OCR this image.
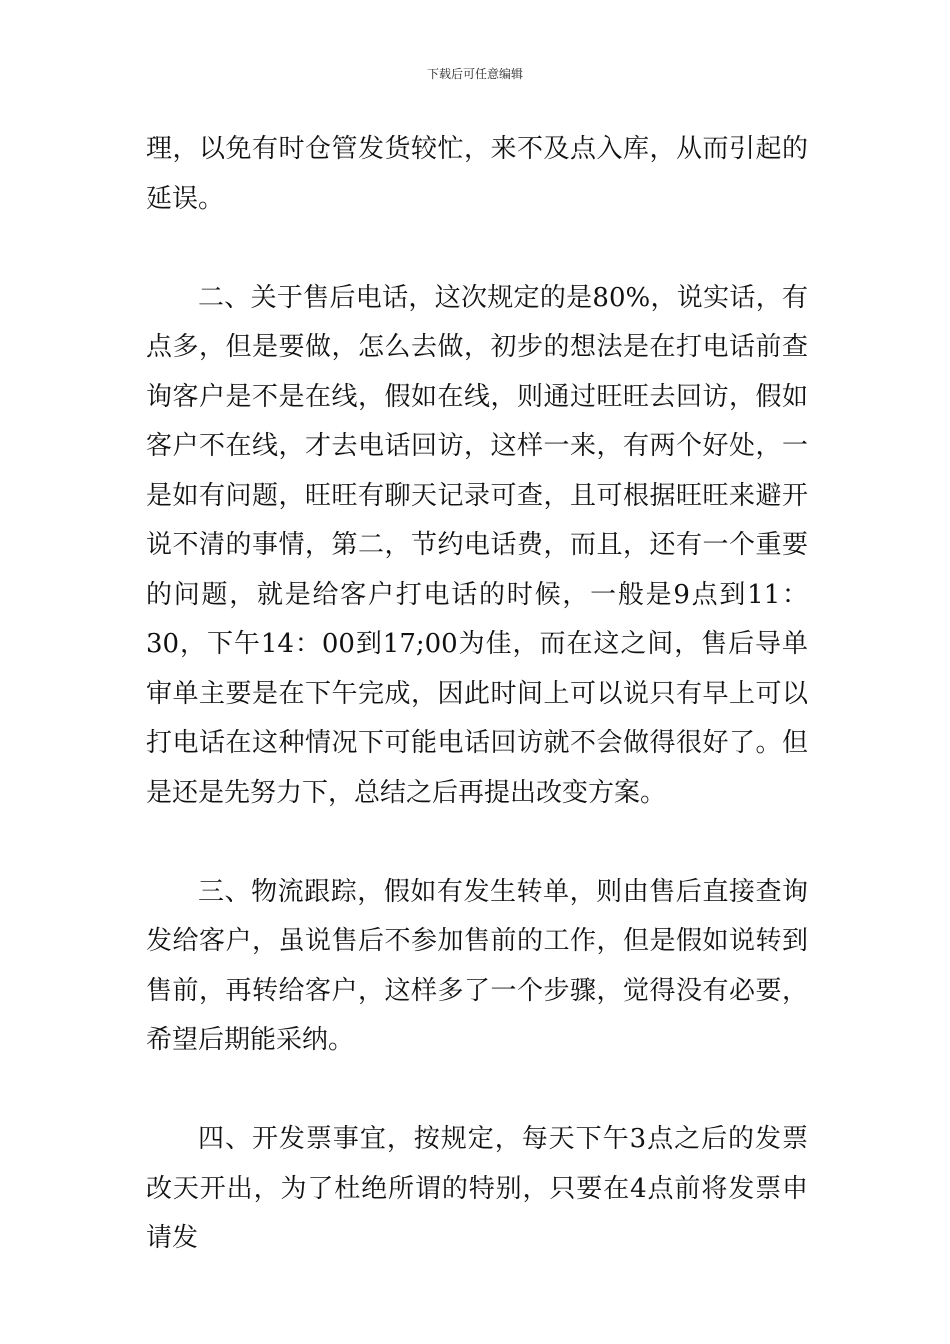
下载后可任意编辑

理，以免有时仓管发货较忙，来不及点入库，从而引起的延误。

二、关于售后电话，这次规定的是80%，说实话，有点多，但是要做，怎么去做，初步的想法是在打电话前查询客户是不是在线，假如在线，则通过旺旺去回访，假如客户不在线，才去电话回访，这样一来，有两个好处，一是如有问题，旺旺有聊天记录可查，且可根据旺旺来避开说不清的事情，第二，节约电话费，而且，还有一个重要的问题，就是给客户打电话的时候，一般是9点到11：30，下午14：00到17;00为佳，而在这之间，售后导单审单主要是在下午完成，因此时间上可以说只有早上可以打电话在这种情况下可能电话回访就不会做得很好了。但是还是先努力下，总结之后再提出改变方案。

三、物流跟踪，假如有发生转单，则由售后直接查询发给客户，虽说售后不参加售前的工作，但是假如说转到售前，再转给客户，这样多了一个步骤，觉得没有必要，希望后期能采纳。

四、开发票事宜，按规定，每天下午3点之后的发票改天开出，为了杜绝所谓的特别，只要在4点前将发票申请发
